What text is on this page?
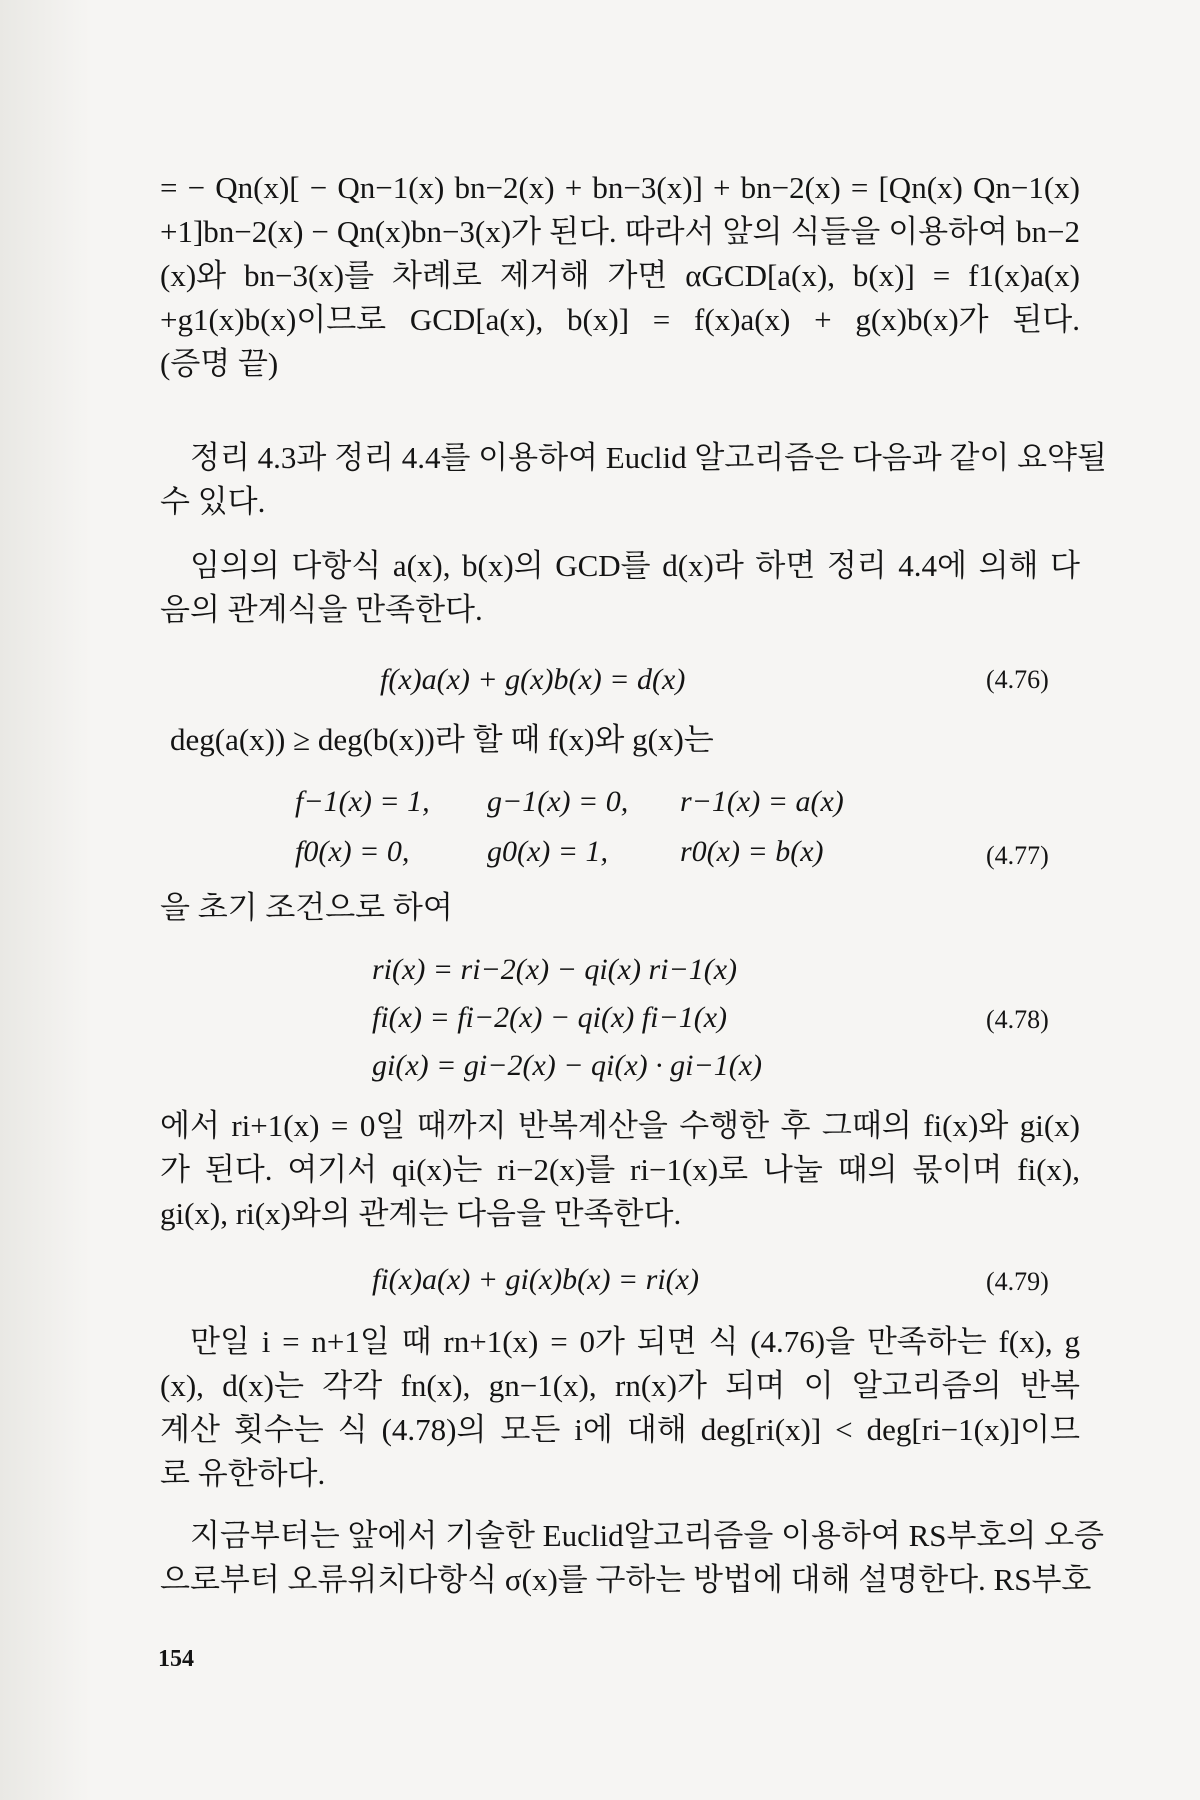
= − Qn(x)[ − Qn−1(x) bn−2(x) + bn−3(x)] + bn−2(x) = [Qn(x) Qn−1(x)
+1]bn−2(x) − Qn(x)bn−3(x)가 된다. 따라서 앞의 식들을 이용하여 bn−2
(x)와 bn−3(x)를 차례로 제거해 가면 αGCD[a(x), b(x)] = f1(x)a(x)
+g1(x)b(x)이므로 GCD[a(x), b(x)] = f(x)a(x) + g(x)b(x)가 된다.
(증명 끝)
정리 4.3과 정리 4.4를 이용하여 Euclid 알고리즘은 다음과 같이 요약될
수 있다.
임의의 다항식 a(x), b(x)의 GCD를 d(x)라 하면 정리 4.4에 의해 다
음의 관계식을 만족한다.
f(x)a(x) + g(x)b(x) = d(x)	(4.76)
deg(a(x)) ≥ deg(b(x))라 할 때 f(x)와 g(x)는
f−1(x) = 1, g−1(x) = 0, r−1(x) = a(x)
f0(x) = 0,	g0(x) = 1, r0(x) = b(x)	(4.77)
을 초기 조건으로 하여
ri(x) = ri−2(x) − qi(x) ri−1(x)
fi(x) = fi−2(x) − qi(x) fi−1(x)
gi(x) = gi−2(x) − qi(x) · gi−1(x)
(4.78)
에서 ri+1(x) = 0일 때까지 반복계산을 수행한 후 그때의 fi(x)와 gi(x)
가 된다. 여기서 qi(x)는 ri−2(x)를 ri−1(x)로 나눌 때의 몫이며 fi(x),
gi(x), ri(x)와의 관계는 다음을 만족한다.
fi(x)a(x) + gi(x)b(x) = ri(x)	(4.79)
만일 i = n+1일 때 rn+1(x) = 0가 되면 식 (4.76)을 만족하는 f(x), g
(x), d(x)는 각각 fn(x), gn−1(x), rn(x)가 되며 이 알고리즘의 반복
계산 횟수는 식 (4.78)의 모든 i에 대해 deg[ri(x)] < deg[ri−1(x)]이므
로 유한하다.
지금부터는 앞에서 기술한 Euclid알고리즘을 이용하여 RS부호의 오증
으로부터 오류위치다항식 σ(x)를 구하는 방법에 대해 설명한다. RS부호
154
